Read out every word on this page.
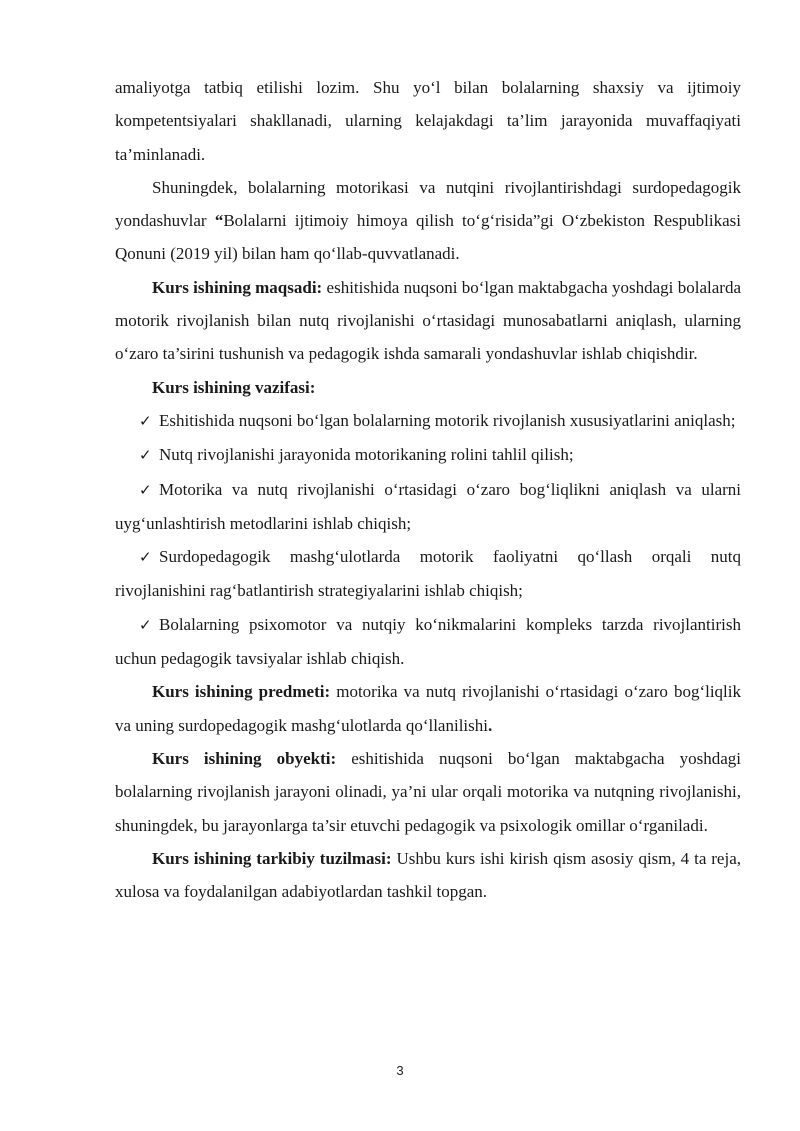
amaliyotga tatbiq etilishi lozim. Shu yo‘l bilan bolalarning shaxsiy va ijtimoiy kompetentsiyalari shakllanadi, ularning kelajakdagi ta’lim jarayonida muvaffaqiyati ta’minlanadi.

Shuningdek, bolalarning motorikasi va nutqini rivojlantirishdagi surdopedagogik yondashuvlar “Bolalarni ijtimoiy himoya qilish to‘g‘risida”gi O‘zbekiston Respublikasi Qonuni (2019 yil) bilan ham qo‘llab-quvvatlanadi.

Kurs ishining maqsadi: eshitishida nuqsoni bo‘lgan maktabgacha yoshdagi bolalarda motorik rivojlanish bilan nutq rivojlanishi o‘rtasidagi munosabatlarni aniqlash, ularning o‘zaro ta’sirini tushunish va pedagogik ishda samarali yondashuvlar ishlab chiqishdir.

Kurs ishining vazifasi:

✓ Eshitishida nuqsoni bo‘lgan bolalarning motorik rivojlanish xususiyatlarini aniqlash;

✓ Nutq rivojlanishi jarayonida motorikaning rolini tahlil qilish;

✓ Motorika va nutq rivojlanishi o‘rtasidagi o‘zaro bog‘liqlikni aniqlash va ularni uyg‘unlashtirish metodlarini ishlab chiqish;

✓ Surdopedagogik mashg‘ulotlarda motorik faoliyatni qo‘llash orqali nutq rivojlanishini rag‘batlantirish strategiyalarini ishlab chiqish;

✓ Bolalarning psixomotor va nutqiy ko‘nikmalarini kompleks tarzda rivojlantirish uchun pedagogik tavsiyalar ishlab chiqish.

Kurs ishining predmeti: motorika va nutq rivojlanishi o‘rtasidagi o‘zaro bog‘liqlik va uning surdopedagogik mashg‘ulotlarda qo‘llanilishi.

Kurs ishining obyekti: eshitishida nuqsoni bo‘lgan maktabgacha yoshdagi bolalarning rivojlanish jarayoni olinadi, ya’ni ular orqali motorika va nutqning rivojlanishi, shuningdek, bu jarayonlarga ta’sir etuvchi pedagogik va psixologik omillar o‘rganiladi.

Kurs ishining tarkibiy tuzilmasi: Ushbu kurs ishi kirish qism asosiy qism, 4 ta reja, xulosa va foydalanilgan adabiyotlardan tashkil topgan.

3
